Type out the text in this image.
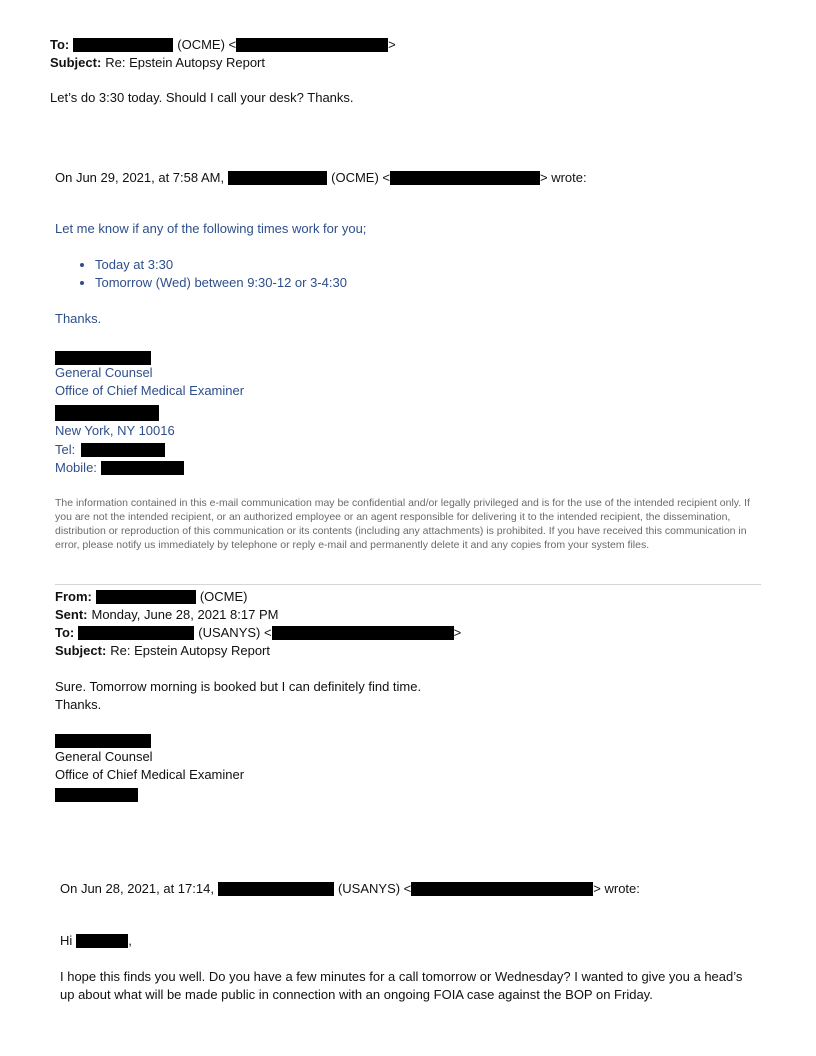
To:	(OCME) <	>
Subject: Re: Epstein Autopsy Report
Let’s do 3:30 today. Should I call your desk? Thanks.
On Jun 29, 2021, at 7:58 AM,	(OCME) <	> wrote:
Let me know if any of the following times work for you;
• Today at 3:30
• Tomorrow (Wed) between 9:30-12 or 3-4:30
Thanks.
General Counsel
Office of Chief Medical Examiner
New York, NY 10016
Tel:
Mobile:
The information contained in this e-mail communication may be confidential and/or legally privileged and is for the use of the intended recipient only. If you are not the intended recipient, or an authorized employee or an agent responsible for delivering it to the intended recipient, the dissemination, distribution or reproduction of this communication or its contents (including any attachments) is prohibited. If you have received this communication in error, please notify us immediately by telephone or reply e-mail and permanently delete it and any copies from your system files.
From:	(OCME)
Sent: Monday, June 28, 2021 8:17 PM
To:	(USANYS) <	>
Subject: Re: Epstein Autopsy Report
Sure. Tomorrow morning is booked but I can definitely find time.
Thanks.
General Counsel
Office of Chief Medical Examiner
On Jun 28, 2021, at 17:14,	(USANYS) <	> wrote:
Hi	,
I hope this finds you well. Do you have a few minutes for a call tomorrow or Wednesday? I wanted to give you a head’s up about what will be made public in connection with an ongoing FOIA case against the BOP on Friday.
